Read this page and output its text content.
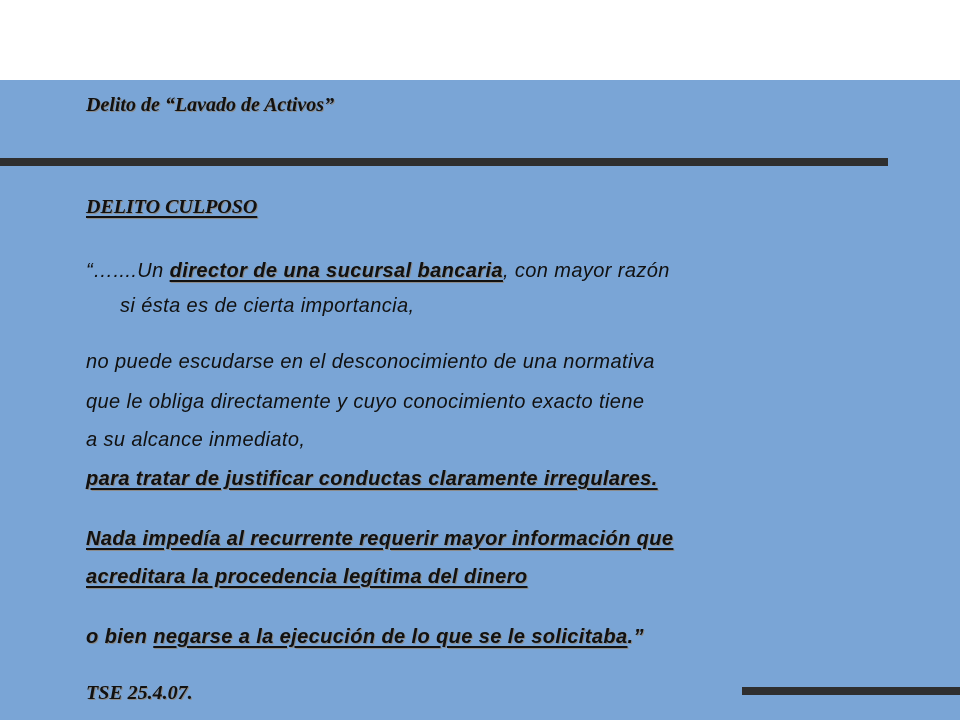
Delito de “Lavado de Activos”
DELITO CULPOSO
“…....Un director de una sucursal bancaria, con mayor razón
si ésta es de cierta importancia,
no puede escudarse en el desconocimiento de una normativa
que le obliga directamente y cuyo conocimiento exacto tiene
a su alcance inmediato,
para tratar de justificar conductas claramente irregulares.
Nada impedía al recurrente requerir mayor información que
acreditara la procedencia legítima del dinero
o bien negarse a la ejecución de lo que se le solicitaba.”
TSE 25.4.07.
